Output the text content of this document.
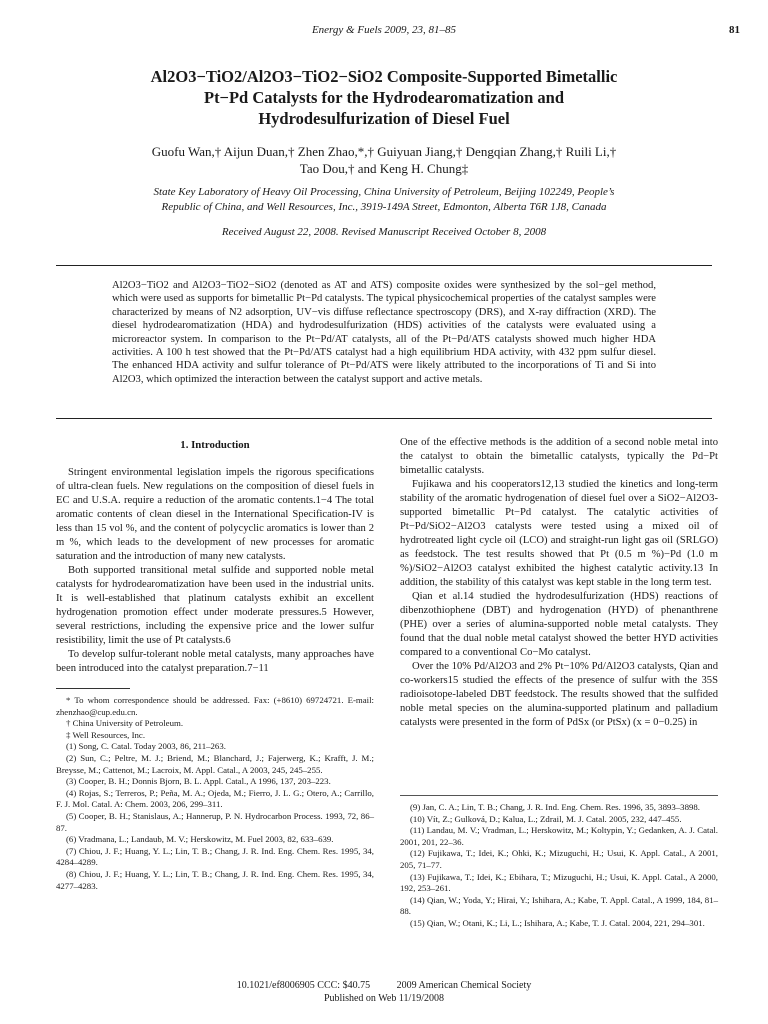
Energy & Fuels 2009, 23, 81–85	81
Al2O3−TiO2/Al2O3−TiO2−SiO2 Composite-Supported Bimetallic
Pt−Pd Catalysts for the Hydrodearomatization and
Hydrodesulfurization of Diesel Fuel
Guofu Wan,† Aijun Duan,† Zhen Zhao,*,† Guiyuan Jiang,† Dengqian Zhang,† Ruili Li,†
Tao Dou,† and Keng H. Chung‡
State Key Laboratory of Heavy Oil Processing, China University of Petroleum, Beijing 102249, People’s
Republic of China, and Well Resources, Inc., 3919-149A Street, Edmonton, Alberta T6R 1J8, Canada
Received August 22, 2008. Revised Manuscript Received October 8, 2008
Al2O3−TiO2 and Al2O3−TiO2−SiO2 (denoted as AT and ATS) composite oxides were synthesized by the sol−gel method, which were used as supports for bimetallic Pt−Pd catalysts. The typical physicochemical properties of the catalyst samples were characterized by means of N2 adsorption, UV−vis diffuse reflectance spectroscopy (DRS), and X-ray diffraction (XRD). The diesel hydrodearomatization (HDA) and hydrodesulfurization (HDS) activities of the catalysts were evaluated using a microreactor system. In comparison to the Pt−Pd/AT catalysts, all of the Pt−Pd/ATS catalysts showed much higher HDA activities. A 100 h test showed that the Pt−Pd/ATS catalyst had a high equilibrium HDA activity, with 432 ppm sulfur diesel. The enhanced HDA activity and sulfur tolerance of Pt−Pd/ATS were likely attributed to the incorporations of Ti and Si into Al2O3, which optimized the interaction between the catalyst support and active metals.
1. Introduction

Stringent environmental legislation impels the rigorous specifications of ultra-clean fuels. New regulations on the composition of diesel fuels in EC and U.S.A. require a reduction of the aromatic contents.1−4 The total aromatic contents of clean diesel in the International Specification-IV is less than 15 vol %, and the content of polycyclic aromatics is lower than 2 m %, which leads to the development of new processes for aromatic saturation and the introduction of many new catalysts.

Both supported transitional metal sulfide and supported noble metal catalysts for hydrodearomatization have been used in the industrial units. It is well-established that platinum catalysts exhibit an excellent hydrogenation promotion effect under moderate pressures.5 However, several restrictions, including the expensive price and the lower sulfur resistibility, limit the use of Pt catalysts.6

To develop sulfur-tolerant noble metal catalysts, many approaches have been introduced into the catalyst preparation.7−11

* To whom correspondence should be addressed. Fax: (+8610) 69724721. E-mail: zhenzhao@cup.edu.cn.
† China University of Petroleum.
‡ Well Resources, Inc.
(1) Song, C. Catal. Today 2003, 86, 211–263.
(2) Sun, C.; Peltre, M. J.; Briend, M.; Blanchard, J.; Fajerwerg, K.; Krafft, J. M.; Breysse, M.; Cattenot, M.; Lacroix, M. Appl. Catal., A 2003, 245, 245–255.
(3) Cooper, B. H.; Donnis Bjorn, B. L. Appl. Catal., A 1996, 137, 203–223.
(4) Rojas, S.; Terreros, P.; Peña, M. A.; Ojeda, M.; Fierro, J. L. G.; Otero, A.; Carrillo, F. J. Mol. Catal. A: Chem. 2003, 206, 299–311.
(5) Cooper, B. H.; Stanislaus, A.; Hannerup, P. N. Hydrocarbon Process. 1993, 72, 86–87.
(6) Vradmana, L.; Landaub, M. V.; Herskowitz, M. Fuel 2003, 82, 633–639.
(7) Chiou, J. F.; Huang, Y. L.; Lin, T. B.; Chang, J. R. Ind. Eng. Chem. Res. 1995, 34, 4284–4289.
(8) Chiou, J. F.; Huang, Y. L.; Lin, T. B.; Chang, J. R. Ind. Eng. Chem. Res. 1995, 34, 4277–4283.

One of the effective methods is the addition of a second noble metal into the catalyst to obtain the bimetallic catalysts, typically the Pd−Pt bimetallic catalysts.

Fujikawa and his cooperators12,13 studied the kinetics and long-term stability of the aromatic hydrogenation of diesel fuel over a SiO2−Al2O3-supported bimetallic Pt−Pd catalyst. The catalytic activities of Pt−Pd/SiO2−Al2O3 catalysts were tested using a mixed oil of hydrotreated light cycle oil (LCO) and straight-run light gas oil (SRLGO) as feedstock. The test results showed that Pt (0.5 m %)−Pd (1.0 m %)/SiO2−Al2O3 catalyst exhibited the highest catalytic activity.13 In addition, the stability of this catalyst was kept stable in the long term test.

Qian et al.14 studied the hydrodesulfurization (HDS) reactions of dibenzothiophene (DBT) and hydrogenation (HYD) of phenanthrene (PHE) over a series of alumina-supported noble metal catalysts. They found that the dual noble metal catalyst showed the better HYD activities compared to a conventional Co−Mo catalyst.

Over the 10% Pd/Al2O3 and 2% Pt−10% Pd/Al2O3 catalysts, Qian and co-workers15 studied the effects of the presence of sulfur with the 35S radioisotope-labeled DBT feedstock. The results showed that the sulfided noble metal species on the alumina-supported platinum and palladium catalysts were presented in the form of PdSx (or PtSx) (x = 0−0.25) in

(9) Jan, C. A.; Lin, T. B.; Chang, J. R. Ind. Eng. Chem. Res. 1996, 35, 3893–3898.
(10) Vít, Z.; Gulková, D.; Kalua, L.; Zdrail, M. J. Catal. 2005, 232, 447–455.
(11) Landau, M. V.; Vradman, L.; Herskowitz, M.; Koltypin, Y.; Gedanken, A. J. Catal. 2001, 201, 22–36.
(12) Fujikawa, T.; Idei, K.; Ohki, K.; Mizuguchi, H.; Usui, K. Appl. Catal., A 2001, 205, 71–77.
(13) Fujikawa, T.; Idei, K.; Ebihara, T.; Mizuguchi, H.; Usui, K. Appl. Catal., A 2000, 192, 253–261.
(14) Qian, W.; Yoda, Y.; Hirai, Y.; Ishihara, A.; Kabe, T. Appl. Catal., A 1999, 184, 81–88.
(15) Qian, W.; Otani, K.; Li, L.; Ishihara, A.; Kabe, T. J. Catal. 2004, 221, 294–301.
10.1021/ef8006905 CCC: $40.75	2009 American Chemical Society
Published on Web 11/19/2008
